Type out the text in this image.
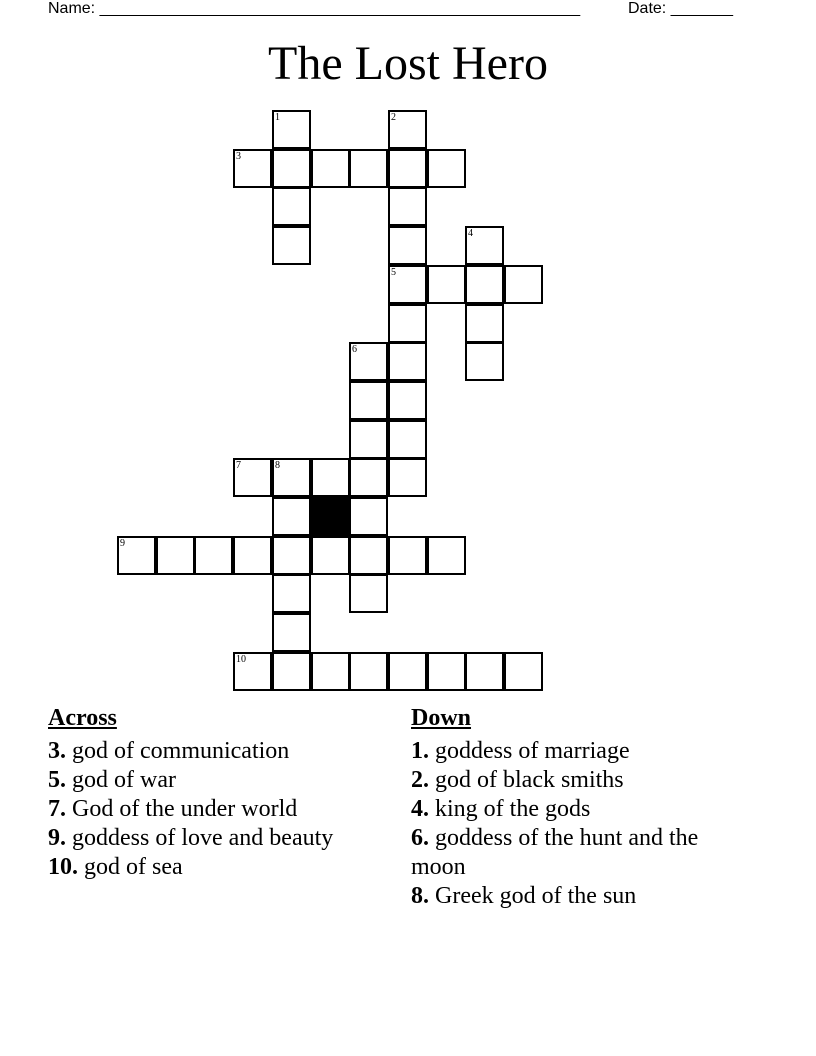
Name: ______________________________________________________	Date: _______
The Lost Hero
1	2
3
4
5
6
7	8
9
10
Across
3. god of communication
5. god of war
7. God of the under world
9. goddess of love and beauty
10. god of sea
Down
1. goddess of marriage
2. god of black smiths
4. king of the gods
6. goddess of the hunt and the moon
8. Greek god of the sun
